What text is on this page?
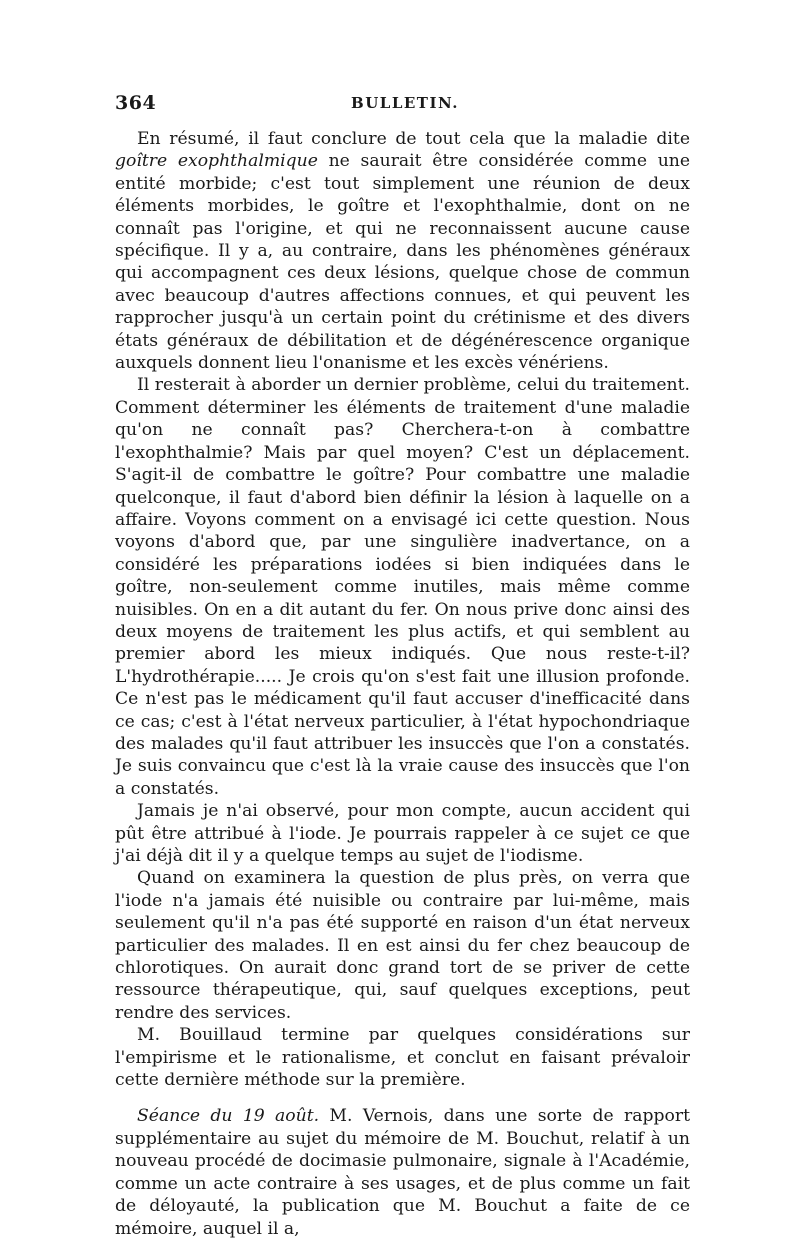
364	BULLETIN.

En résumé, il faut conclure de tout cela que la maladie dite goître exophthalmique ne saurait être considérée comme une entité morbide; c'est tout simplement une réunion de deux éléments morbides, le goître et l'exophthalmie, dont on ne connaît pas l'origine, et qui ne reconnaissent aucune cause spécifique. Il y a, au contraire, dans les phénomènes généraux qui accompagnent ces deux lésions, quelque chose de commun avec beaucoup d'autres affections connues, et qui peuvent les rapprocher jusqu'à un certain point du crétinisme et des divers états généraux de débilitation et de dégénérescence organique auxquels donnent lieu l'onanisme et les excès vénériens.

Il resterait à aborder un dernier problème, celui du traitement. Comment déterminer les éléments de traitement d'une maladie qu'on ne connaît pas? Cherchera-t-on à combattre l'exophthalmie? Mais par quel moyen? C'est un déplacement. S'agit-il de combattre le goître? Pour combattre une maladie quelconque, il faut d'abord bien définir la lésion à laquelle on a affaire. Voyons comment on a envisagé ici cette question. Nous voyons d'abord que, par une singulière inadvertance, on a considéré les préparations iodées si bien indiquées dans le goître, non-seulement comme inutiles, mais même comme nuisibles. On en a dit autant du fer. On nous prive donc ainsi des deux moyens de traitement les plus actifs, et qui semblent au premier abord les mieux indiqués. Que nous reste-t-il? L'hydrothérapie..... Je crois qu'on s'est fait une illusion profonde. Ce n'est pas le médicament qu'il faut accuser d'inefficacité dans ce cas; c'est à l'état nerveux particulier, à l'état hypochondriaque des malades qu'il faut attribuer les insuccès que l'on a constatés. Je suis convaincu que c'est là la vraie cause des insuccès que l'on a constatés.

Jamais je n'ai observé, pour mon compte, aucun accident qui pût être attribué à l'iode. Je pourrais rappeler à ce sujet ce que j'ai déjà dit il y a quelque temps au sujet de l'iodisme.

Quand on examinera la question de plus près, on verra que l'iode n'a jamais été nuisible ou contraire par lui-même, mais seulement qu'il n'a pas été supporté en raison d'un état nerveux particulier des malades. Il en est ainsi du fer chez beaucoup de chlorotiques. On aurait donc grand tort de se priver de cette ressource thérapeutique, qui, sauf quelques exceptions, peut rendre des services.

M. Bouillaud termine par quelques considérations sur l'empirisme et le rationalisme, et conclut en faisant prévaloir cette dernière méthode sur la première.

Séance du 19 août. M. Vernois, dans une sorte de rapport supplémentaire au sujet du mémoire de M. Bouchut, relatif à un nouveau procédé de docimasie pulmonaire, signale à l'Académie, comme un acte contraire à ses usages, et de plus comme un fait de déloyauté, la publication que M. Bouchut a faite de ce mémoire, auquel il a,
